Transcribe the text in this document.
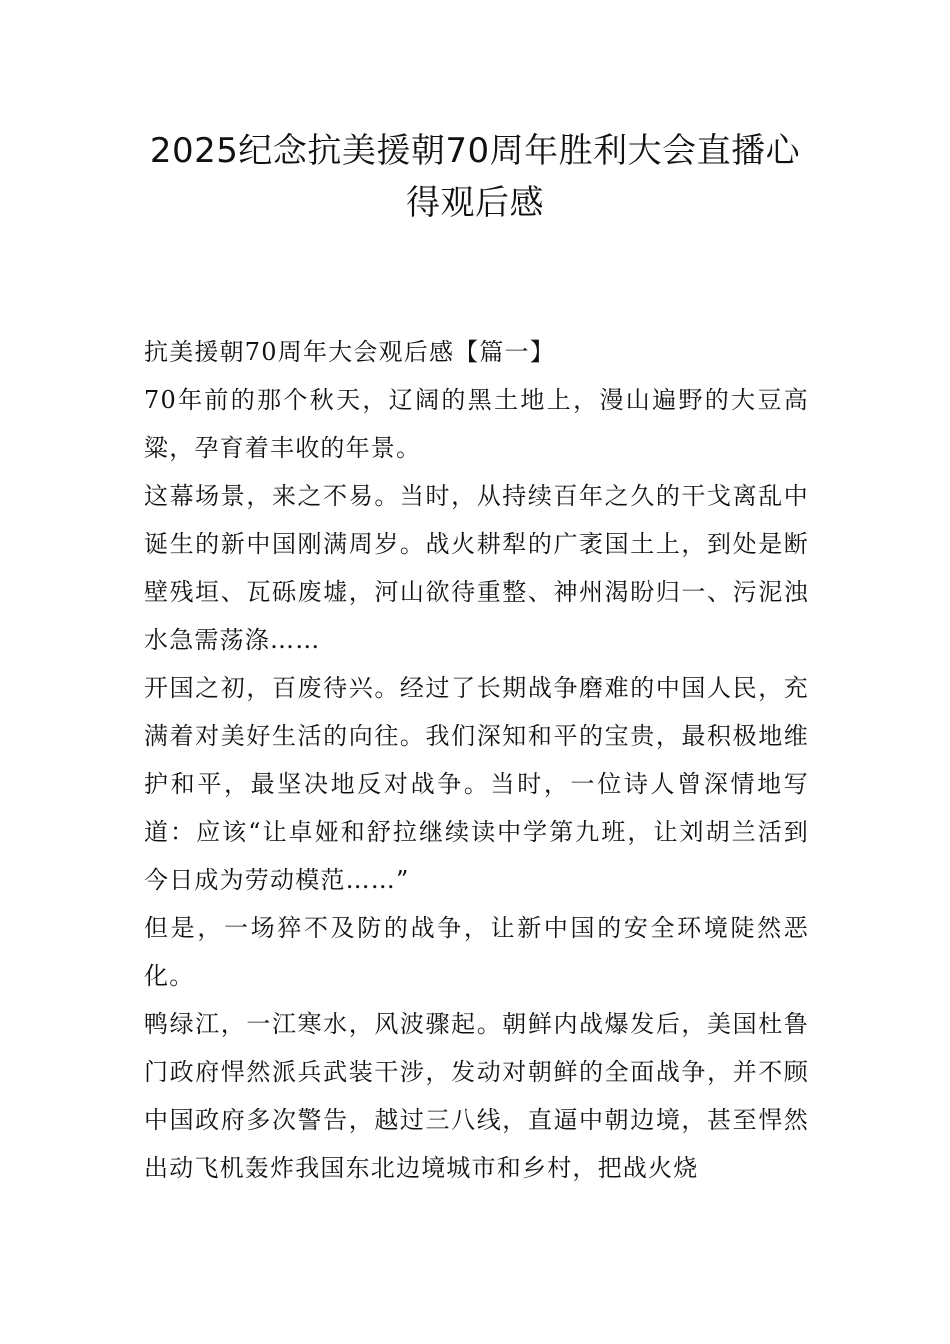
2025纪念抗美援朝70周年胜利大会直播心得观后感

抗美援朝70周年大会观后感【篇一】

70年前的那个秋天，辽阔的黑土地上，漫山遍野的大豆高粱，孕育着丰收的年景。

这幕场景，来之不易。当时，从持续百年之久的干戈离乱中诞生的新中国刚满周岁。战火耕犁的广袤国土上，到处是断壁残垣、瓦砾废墟，河山欲待重整、神州渴盼归一、污泥浊水急需荡涤……

开国之初，百废待兴。经过了长期战争磨难的中国人民，充满着对美好生活的向往。我们深知和平的宝贵，最积极地维护和平，最坚决地反对战争。当时，一位诗人曾深情地写道：应该“让卓娅和舒拉继续读中学第九班，让刘胡兰活到今日成为劳动模范……”

但是，一场猝不及防的战争，让新中国的安全环境陡然恶化。

鸭绿江，一江寒水，风波骤起。朝鲜内战爆发后，美国杜鲁门政府悍然派兵武装干涉，发动对朝鲜的全面战争，并不顾中国政府多次警告，越过三八线，直逼中朝边境，甚至悍然出动飞机轰炸我国东北边境城市和乡村，把战火烧
